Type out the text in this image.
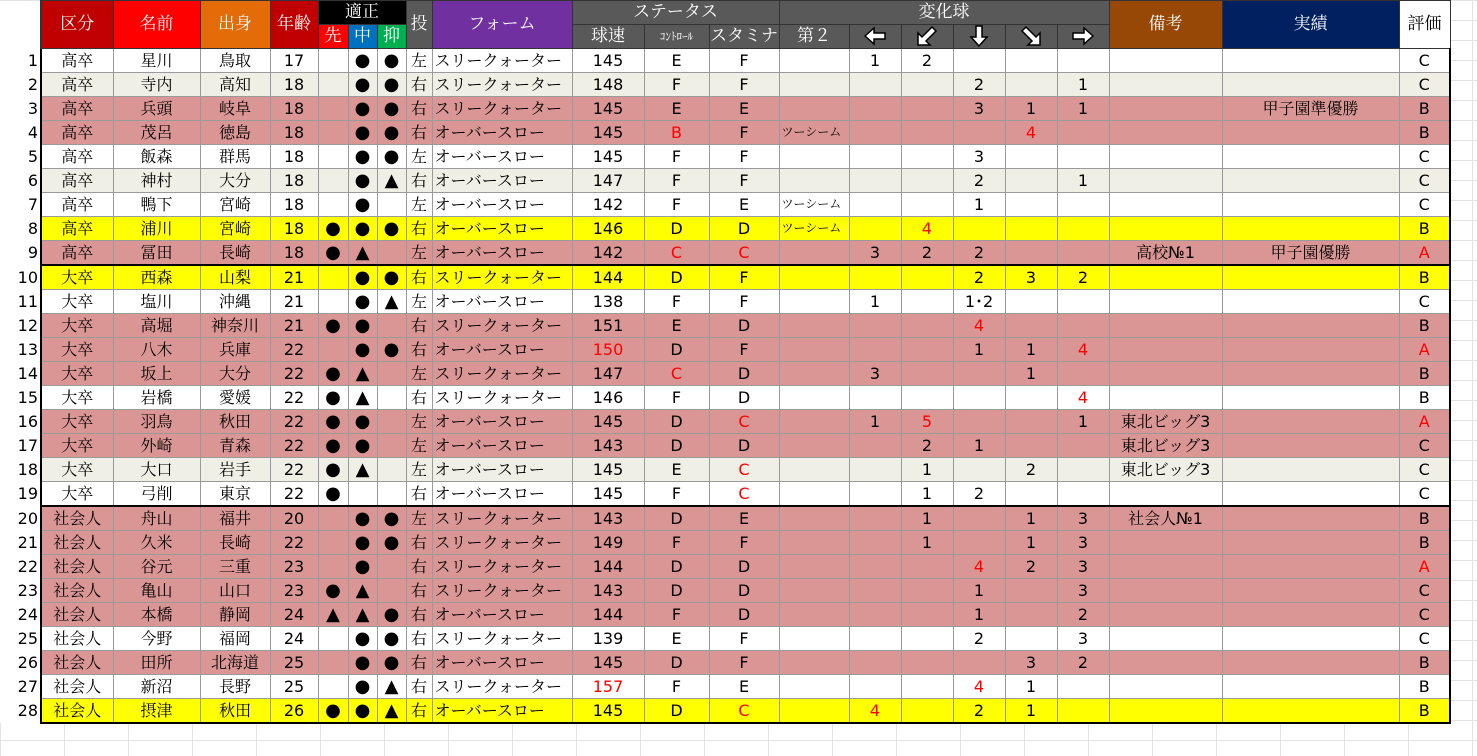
	区分	名前	出身	年齢	適正			投	フォーム	ステータス			変化球						備考	実績	評価
					先	中	抑			球速	ｺﾝﾄﾛｰﾙ	スタミナ	第２					
1	高卒	星川	鳥取	17		●	●	左	スリークォーター	145	E	F		1	2						C
2	高卒	寺内	高知	18		●	●	右	スリークォーター	148	F	F				2		1			C
3	高卒	兵頭	岐阜	18		●	●	右	スリークォーター	145	E	E				3	1	1		甲子園準優勝	B
4	高卒	茂呂	徳島	18		●	●	右	オーバースロー	145	B	F	ツーシーム				4				B
5	高卒	飯森	群馬	18		●	●	左	オーバースロー	145	F	F				3					C
6	高卒	神村	大分	18		●	▲	右	オーバースロー	147	F	F				2		1			C
7	高卒	鴨下	宮崎	18		●		左	オーバースロー	142	F	E	ツーシーム			1					C
8	高卒	浦川	宮崎	18	●	●	●	右	オーバースロー	146	D	D	ツーシーム		4						B
9	高卒	冨田	長崎	18	●	▲		左	オーバースロー	142	C	C		3	2	2			高校№1	甲子園優勝	A
10	大卒	西森	山梨	21		●	●	右	スリークォーター	144	D	F				2	3	2			B
11	大卒	塩川	沖縄	21		●	▲	左	オーバースロー	138	F	F		1		1･2					C
12	大卒	高堀	神奈川	21	●	●		右	スリークォーター	151	E	D				4					B
13	大卒	八木	兵庫	22		●	●	右	オーバースロー	150	D	F				1	1	4			A
14	大卒	坂上	大分	22	●	▲		左	スリークォーター	147	C	D		3			1				B
15	大卒	岩橋	愛媛	22	●	▲		右	スリークォーター	146	F	D						4			B
16	大卒	羽鳥	秋田	22	●	●		左	オーバースロー	145	D	C		1	5			1	東北ビッグ3		A
17	大卒	外崎	青森	22	●	●		左	オーバースロー	143	D	D			2	1			東北ビッグ3		C
18	大卒	大口	岩手	22	●	▲		左	オーバースロー	145	E	C			1		2		東北ビッグ3		C
19	大卒	弓削	東京	22	●			右	オーバースロー	145	F	C			1	2					C
20	社会人	舟山	福井	20		●	●	左	スリークォーター	143	D	E			1		1	3	社会人№1		B
21	社会人	久米	長崎	22		●	●	右	スリークォーター	149	F	F			1		1	3			B
22	社会人	谷元	三重	23		●		右	スリークォーター	144	D	D				4	2	3			A
23	社会人	亀山	山口	23	●	▲		右	スリークォーター	143	D	D				1		3			C
24	社会人	本橋	静岡	24	▲	▲	●	右	オーバースロー	144	F	D				1		2			C
25	社会人	今野	福岡	24		●	●	右	スリークォーター	139	E	F				2		3			C
26	社会人	田所	北海道	25		●	●	右	オーバースロー	145	D	F					3	2			B
27	社会人	新沼	長野	25		●	▲	右	スリークォーター	157	F	E				4	1				B
28	社会人	摂津	秋田	26	●	●	▲	右	オーバースロー	145	D	C		4		2	1				B
